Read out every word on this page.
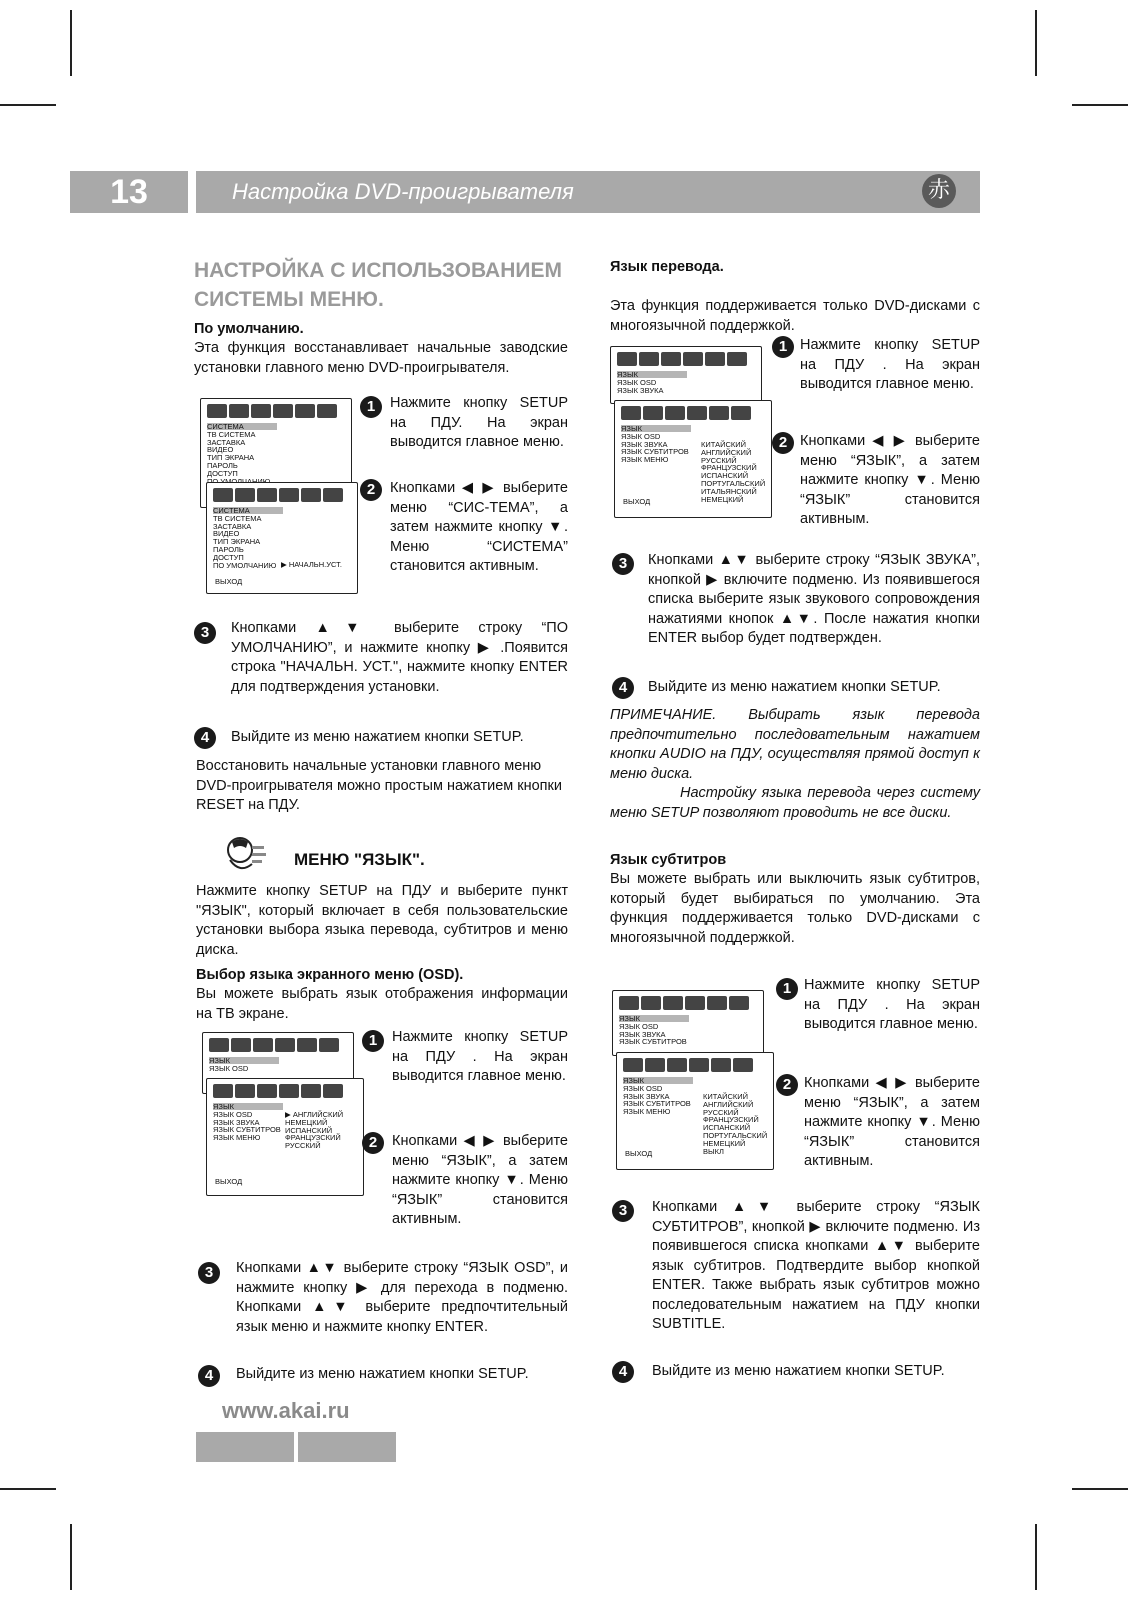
13	Настройка DVD-проигрывателя	赤
НАСТРОЙКА С ИСПОЛЬЗОВАНИЕМ
СИСТЕМЫ МЕНЮ.
По умолчанию.

Эта функция восстанавливает начальные заводские установки главного меню DVD-проигрывателя.

СИСТЕМА
ТВ СИСТЕМА
ЗАСТАВКА
ВИДЕО
ТИП ЭКРАНА
ПАРОЛЬ
ДОСТУП

СИСТЕМА
ТВ СИСТЕМА
ЗАСТАВКА
ВИДЕО
ТИП ЭКРАНА
ПАРОЛЬ
ДОСТУП
ПО УМОЛЧАНИЮ ▶ НАЧАЛЬН.УСТ.
ВЫХОД
1	Нажмите кнопку SETUP на ПДУ. На экран выводится главное меню.
2	Кнопками ◀ ▶ выберите меню “СИС-ТЕМА”, а затем нажмите кнопку ▼. Меню “СИСТЕМА” становится активным.
3	Кнопками ▲▼ выберите строку “ПО УМОЛЧАНИЮ”, и нажмите кнопку ▶ .Появится строка "НАЧАЛЬН. УСТ.", нажмите кнопку ENTER для подтверждения установки.
4	Выйдите из меню нажатием кнопки SETUP.
Восстановить начальные установки главного меню DVD-проигрывателя можно простым нажатием кнопки RESET на ПДУ.
МЕНЮ "ЯЗЫК".
Нажмите кнопку SETUP на ПДУ и выберите пункт "ЯЗЫК", который включает в себя пользовательские установки выбора языка перевода, субтитров и меню диска.
Выбор языка экранного меню (OSD).
Вы можете выбрать язык отображения информации на ТВ экране.
ЯЗЫК
ЯЗЫК OSD
ЯЗЫК
ЯЗЫК OSD
ЯЗЫК ЗВУКА
ЯЗЫК СУБТИТРОВ
ЯЗЫК МЕНЮ
▶ АНГЛИЙСКИЙ
НЕМЕЦКИЙ
ИСПАНСКИЙ
ФРАНЦУЗСКИЙ
РУССКИЙ
ВЫХОД
1	Нажмите кнопку SETUP на ПДУ . На экран выводится главное меню.
2	Кнопками ◀ ▶ выберите меню “ЯЗЫК”, а затем нажмите кнопку ▼. Меню “ЯЗЫК” становится активным.
3	Кнопками ▲▼ выберите строку “ЯЗЫК OSD”, и нажмите кнопку ▶ для перехода в подменю. Кнопками ▲▼ выберите предпочтительный язык меню и нажмите кнопку ENTER.
4	Выйдите из меню нажатием кнопки SETUP.
Язык перевода.
Эта функция поддерживается только DVD-дисками с многоязычной поддержкой.
ЯЗЫК
ЯЗЫК OSD
ЯЗЫК ЗВУКА
ЯЗЫК
ЯЗЫК OSD
ЯЗЫК ЗВУКА
ЯЗЫК СУБТИТРОВ
ЯЗЫК МЕНЮ
КИТАЙСКИЙ
АНГЛИЙСКИЙ
РУССКИЙ
ФРАНЦУЗСКИЙ
ИСПАНСКИЙ
ПОРТУГАЛЬСКИЙ
ИТАЛЬЯНСКИЙ
НЕМЕЦКИЙ
ВЫХОД
1 Нажмите кнопку SETUP на ПДУ . На экран выводится главное меню.
2 Кнопками ◀ ▶ выберите меню “ЯЗЫК”, а затем нажмите кнопку ▼. Меню “ЯЗЫК” становится активным.
3	Кнопками ▲▼ выберите строку “ЯЗЫК ЗВУКА”, кнопкой ▶ включите подменю. Из появившегося списка выберите язык звукового сопровождения нажатиями кнопок ▲▼. После нажатия кнопки ENTER выбор будет подтвержден.
4	Выйдите из меню нажатием кнопки SETUP.
ПРИМЕЧАНИЕ. Выбирать язык перевода предпочтительно последовательным нажатием кнопки AUDIO на ПДУ, осуществляя прямой доступ к меню диска.
Настройку языка перевода через систему меню SETUP позволяют проводить не все диски.
Язык субтитров
Вы можете выбрать или выключить язык субтитров, который будет выбираться по умолчанию. Эта функция поддерживается только DVD-дисками с многоязычной поддержкой.
ЯЗЫК
ЯЗЫК OSD
ЯЗЫК ЗВУКА
ЯЗЫК СУБТИТРОВ
ЯЗЫК
ЯЗЫК OSD
ЯЗЫК ЗВУКА
ЯЗЫК СУБТИТРОВ
ЯЗЫК МЕНЮ
КИТАЙСКИЙ
АНГЛИЙСКИЙ
РУССКИЙ
ФРАНЦУЗСКИЙ
ИСПАНСКИЙ
ПОРТУГАЛЬСКИЙ
НЕМЕЦКИЙ
ВЫКЛ
ВЫХОД
1 Нажмите кнопку SETUP на ПДУ . На экран выводится главное меню.
2 Кнопками ◀ ▶ выберите меню “ЯЗЫК”, а затем нажмите кнопку ▼. Меню “ЯЗЫК” становится активным.
3	Кнопками ▲▼ выберите строку “ЯЗЫК СУБТИТРОВ”, кнопкой ▶ включите подменю. Из появившегося списка кнопками ▲▼ выберите язык субтитров. Подтвердите выбор кнопкой ENTER. Также выбрать язык субтитров можно последовательным нажатием на ПДУ кнопки SUBTITLE.
4	Выйдите из меню нажатием кнопки SETUP.
www.akai.ru
